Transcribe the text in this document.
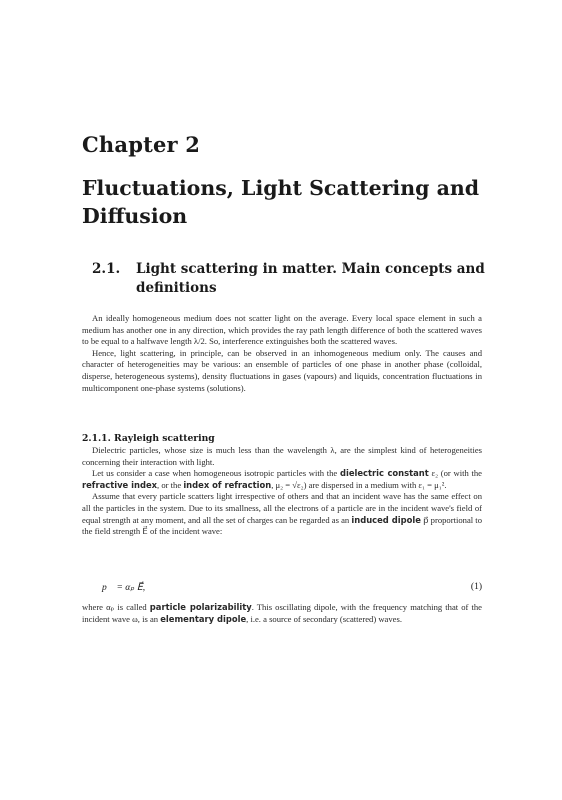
Chapter 2
Fluctuations, Light Scattering and Diffusion
2.1. Light scattering in matter. Main concepts and
definitions

An ideally homogeneous medium does not scatter light on the average. Every local space element in such a medium has another one in any direction, which provides the ray path length difference of both the scattered waves to be equal to a halfwave length λ/2. So, interference extinguishes both the scattered waves.

Hence, light scattering, in principle, can be observed in an inhomogeneous medium only. The causes and character of heterogeneities may be various: an ensemble of particles of one phase in another phase (colloidal, disperse, heterogeneous systems), density fluctuations in gases (vapours) and liquids, concentration fluctuations in multicomponent one-phase systems (solutions).

2.1.1. Rayleigh scattering

Dielectric particles, whose size is much less than the wavelength λ, are the simplest kind of heterogeneities concerning their interaction with light.

Let us consider a case when homogeneous isotropic particles with the dielectric constant ε₂ (or with the refractive index, or the index of refraction, μ₂ = √ε₂) are dispersed in a medium with ε₁ = μ₁².

Assume that every particle scatters light irrespective of others and that an incident wave has the same effect on all the particles in the system. Due to its smallness, all the electrons of a particle are in the incident wave's field of equal strength at any moment, and all the set of charges can be regarded as an induced dipole p⃗ proportional to the field strength E⃗ of the incident wave:

p⃗ = αₚ E⃗,	(1)

where αₚ is called particle polarizability. This oscillating dipole, with the frequency matching that of the incident wave ω, is an elementary dipole, i.e. a source of secondary (scattered) waves.
